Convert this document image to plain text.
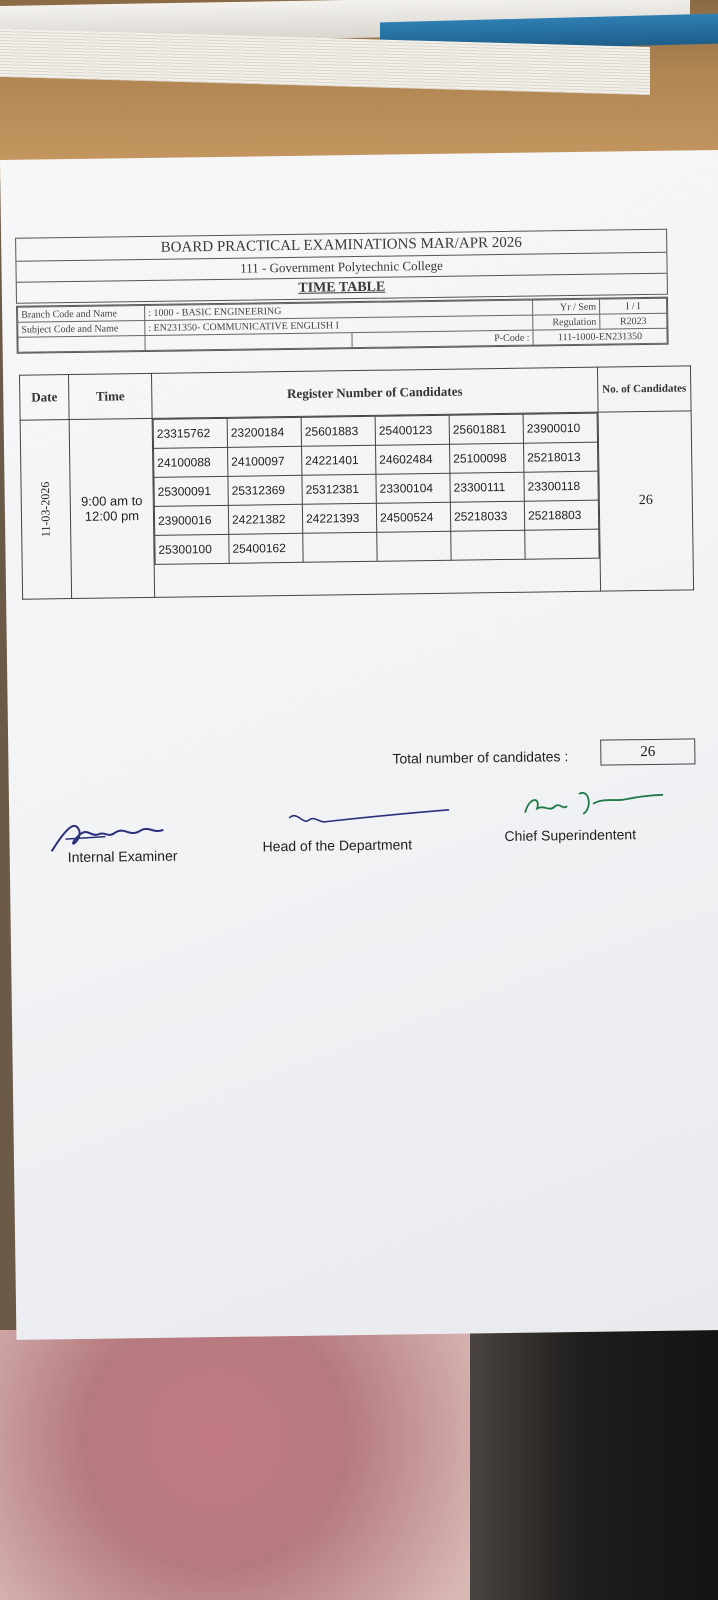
BOARD PRACTICAL EXAMINATIONS MAR/APR 2026
111 - Government Polytechnic College
TIME TABLE
Branch Code and Name	: 1000 - BASIC ENGINEERING		Yr / Sem	I / I
Subject Code and Name	: EN231350- COMMUNICATIVE ENGLISH I		Regulation	R2023
		P-Code :	111-1000-EN231350	
Date	Time	Register Number of Candidates	No. of Candidates

11-03-2026	9:00 am to 12:00 pm	
23315762	23200184	25601883	25400123	25601881	23900010
24100088	24100097	24221401	24602484	25100098	25218013
25300091	25312369	25312381	23300104	23300111	23300118
23900016	24221382	24221393	24500524	25218033	25218803
25300100	25400162				
	26
Total number of candidates :	26
Internal Examiner
Head of the Department
Chief Superindentent
